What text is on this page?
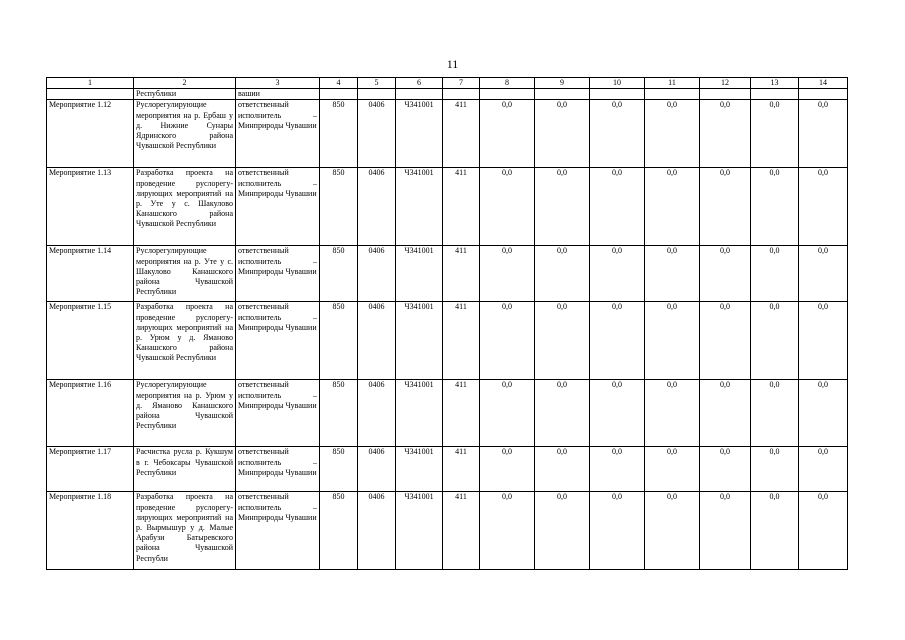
11
1	2	3	4	5	6	7	8	9	10	11	12	13	14
	Республики	вашии											
Мероприятие 1.12	Руслорегулирующие мероприятия на р. Ербаш у д. Нижние Сунары Ядринского района Чувашской Республики	ответственный исполнитель – Минприроды Чувашии	850	0406	Ч341001	411	0,0	0,0	0,0	0,0	0,0	0,0	0,0
Мероприятие 1.13	Разработка проекта на проведение руслорегулирующих мероприятий на р. Уте у с. Шакулово Канашского района Чувашской Республики	ответственный исполнитель – Минприроды Чувашии	850	0406	Ч341001	411	0,0	0,0	0,0	0,0	0,0	0,0	0,0
Мероприятие 1.14	Руслорегулирующие мероприятия на р. Уте у с. Шакулово Канашского района Чувашской Республики	ответственный исполнитель – Минприроды Чувашии	850	0406	Ч341001	411	0,0	0,0	0,0	0,0	0,0	0,0	0,0
Мероприятие 1.15	Разработка проекта на проведение руслорегулирующих мероприятий на р. Урюм у д. Яманово Канашского района Чувашской Республики	ответственный исполнитель – Минприроды Чувашии	850	0406	Ч341001	411	0,0	0,0	0,0	0,0	0,0	0,0	0,0
Мероприятие 1.16	Руслорегулирующие мероприятия на р. Урюм у д. Яманово Канашского района Чувашской Республики	ответственный исполнитель – Минприроды Чувашии	850	0406	Ч341001	411	0,0	0,0	0,0	0,0	0,0	0,0	0,0
Мероприятие 1.17	Расчистка русла р. Кукшум в г. Чебоксары Чувашской Республики	ответственный исполнитель – Минприроды Чувашии	850	0406	Ч341001	411	0,0	0,0	0,0	0,0	0,0	0,0	0,0
Мероприятие 1.18	Разработка проекта на проведение руслорегулирующих мероприятий на р. Вырмышур у д. Малые Арабузи Батыревского района Чувашской Республи	ответственный исполнитель – Минприроды Чувашии	850	0406	Ч341001	411	0,0	0,0	0,0	0,0	0,0	0,0	0,0
